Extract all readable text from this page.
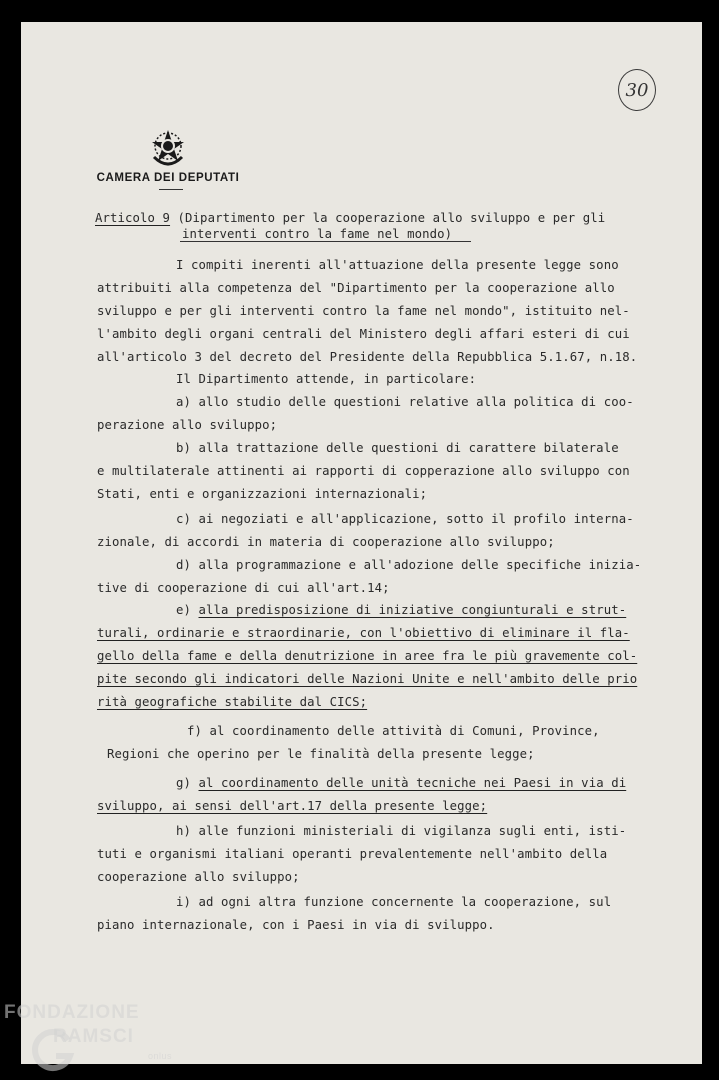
30
CAMERA DEI DEPUTATI
Articolo 9 (Dipartimento per la cooperazione allo sviluppo e per gli
interventi contro la fame nel mondo)
I compiti inerenti all'attuazione della presente legge sono
attribuiti alla competenza del "Dipartimento per la cooperazione allo
sviluppo e per gli interventi contro la fame nel mondo", istituito nel-
l'ambito degli organi centrali del Ministero degli affari esteri di cui
all'articolo 3 del decreto del Presidente della Repubblica 5.1.67, n.18.
Il Dipartimento attende, in particolare:
a) allo studio delle questioni relative alla politica di coo-
perazione allo sviluppo;
b) alla trattazione delle questioni di carattere bilaterale
e multilaterale attinenti ai rapporti di copperazione allo sviluppo con
Stati, enti e organizzazioni internazionali;
c) ai negoziati e all'applicazione, sotto il profilo interna-
zionale, di accordi in materia di cooperazione allo sviluppo;
d) alla programmazione e all'adozione delle specifiche inizia-
tive di cooperazione di cui all'art.14;
e) alla predisposizione di iniziative congiunturali e strut-
turali, ordinarie e straordinarie, con l'obiettivo di eliminare il fla-
gello della fame e della denutrizione in aree fra le più gravemente col-
pite secondo gli indicatori delle Nazioni Unite e nell'ambito delle prio
rità geografiche stabilite dal CICS;
f) al coordinamento delle attività di Comuni, Province,
Regioni che operino per le finalità della presente legge;
g) al coordinamento delle unità tecniche nei Paesi in via di
sviluppo, ai sensi dell'art.17 della presente legge;
h) alle funzioni ministeriali di vigilanza sugli enti, isti-
tuti e organismi italiani operanti prevalentemente nell'ambito della
cooperazione allo sviluppo;
i) ad ogni altra funzione concernente la cooperazione, sul
piano internazionale, con i Paesi in via di sviluppo.
FONDAZIONE
RAMSCI
onlus
